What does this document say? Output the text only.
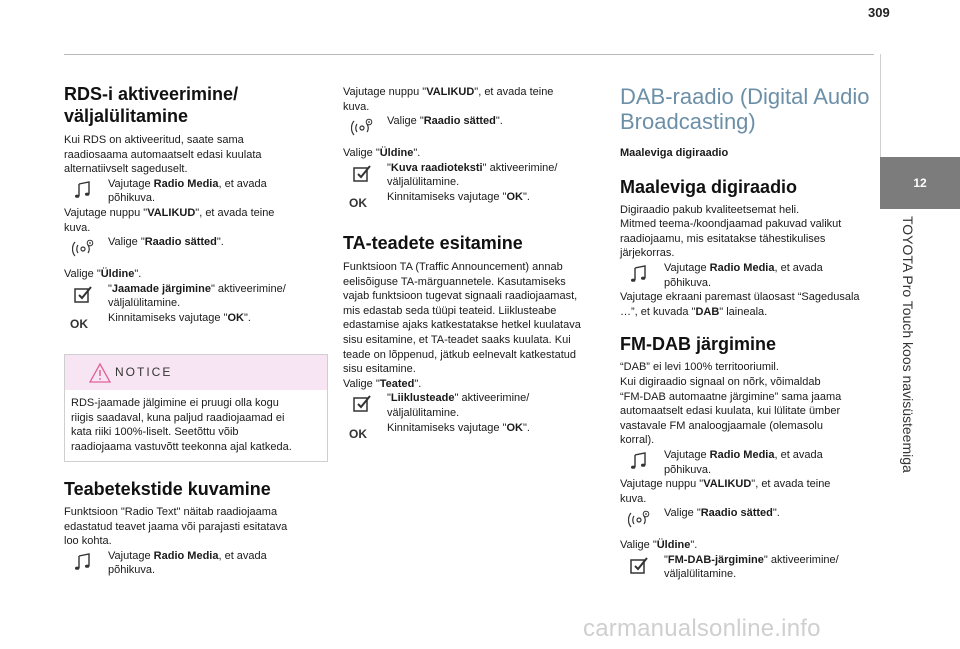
309
12
TOYOTA Pro Touch koos navisüsteemiga

RDS-i aktiveerimine/
väljalülitamine

Kui RDS on aktiveeritud, saate sama
raadiosaama automaatselt edasi kuulata
alternatiivselt sageduselt.

Vajutage Radio Media, et avada
põhikuva.

Vajutage nuppu "VALIKUD", et avada teine
kuva.

Valige "Raadio sätted".

Valige "Üldine".

"Jaamade järgimine" aktiveerimine/
väljalülitamine.
OK Kinnitamiseks vajutage "OK".
NOTICE
RDS-jaamade jälgimine ei pruugi olla kogu
riigis saadaval, kuna paljud raadiojaamad ei
kata riiki 100%-liselt. Seetõttu võib
raadiojaama vastuvõtt teekonna ajal katkeda.

Teabetekstide kuvamine

Funktsioon "Radio Text" näitab raadiojaama
edastatud teavet jaama või parajasti esitatava
loo kohta.

Vajutage Radio Media, et avada
põhikuva.

Vajutage nuppu "VALIKUD", et avada teine
kuva.

Valige "Raadio sätted".

Valige "Üldine".

"Kuva raadioteksti" aktiveerimine/
väljalülitamine.
OK Kinnitamiseks vajutage "OK".

TA-teadete esitamine

Funktsioon TA (Traffic Announcement) annab
eelisõiguse TA-märguannetele. Kasutamiseks
vajab funktsioon tugevat signaali raadiojaamast,
mis edastab seda tüüpi teateid. Liiklusteabe
edastamise ajaks katkestatakse hetkel kuulatava
sisu esitamine, et TA-teadet saaks kuulata. Kui
teade on lõppenud, jätkub eelnevalt katkestatud
sisu esitamine.

Valige "Teated".

"Liiklusteade" aktiveerimine/
väljalülitamine.
OK Kinnitamiseks vajutage "OK".

DAB-raadio (Digital Audio
Broadcasting)

Maaleviga digiraadio

Maaleviga digiraadio

Digiraadio pakub kvaliteetsemat heli.
Mitmed teema-/koondjaamad pakuvad valikut
raadiojaamu, mis esitatakse tähestikulises
järjekorras.

Vajutage Radio Media, et avada
põhikuva.

Vajutage ekraani paremast ülaosast “Sagedusala
…”, et kuvada "DAB" laineala.

FM-DAB järgimine

“DAB” ei levi 100% territooriumil.
Kui digiraadio signaal on nõrk, võimaldab
“FM-DAB automaatne järgimine” sama jaama
automaatselt edasi kuulata, kui lülitate ümber
vastavale FM analoogjaamale (olemasolu
korral).

Vajutage Radio Media, et avada
põhikuva.

Vajutage nuppu "VALIKUD", et avada teine
kuva.

Valige "Raadio sätted".

Valige "Üldine".

"FM-DAB-järgimine" aktiveerimine/
väljalülitamine.
carmanualsonline.info
